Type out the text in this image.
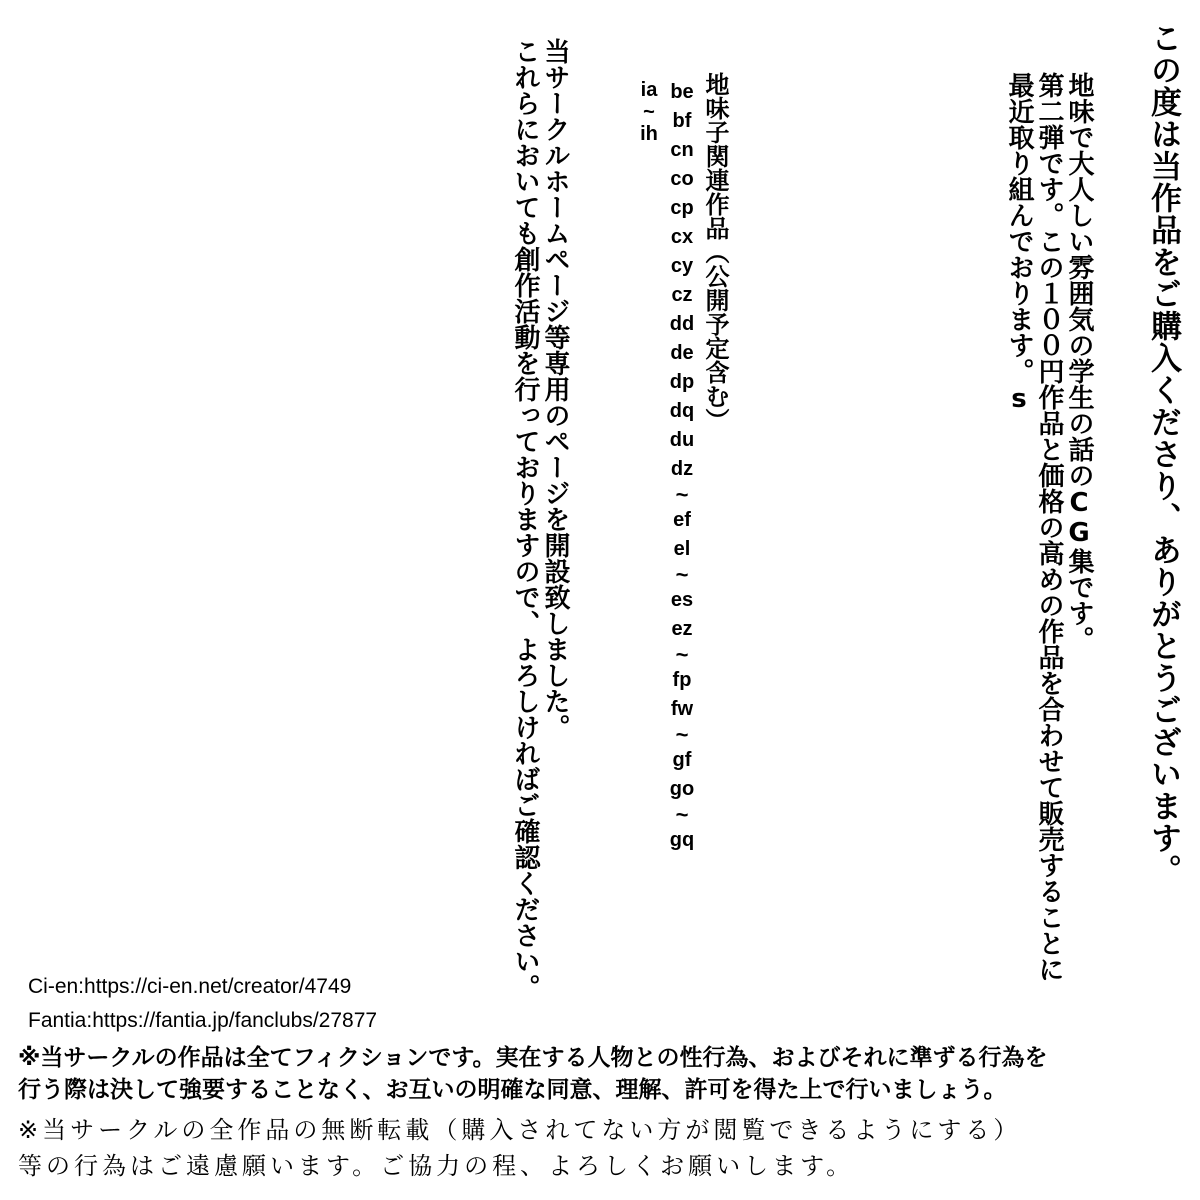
この度は当作品をご購入くださり、ありがとうございます。
地味で大人しい雰囲気の学生の話のCG集です。
第二弾です。この１００円作品と価格の高めの作品を合わせて販売することに
最近取り組んでおります。s
地味子関連作品（公開予定含む）
be
bf
cn
co
cp
cx
cy
cz
dd
de
dp
dq
du
dz
~
ef
el
~
es
ez
~
fp
fw
~
gf
go
~
gq
ia
~
ih
当サークルホームページ等専用のページを開設致しました。
これらにおいても創作活動を行っておりますので、よろしければご確認ください。
Ci-en:https://ci-en.net/creator/4749
Fantia:https://fantia.jp/fanclubs/27877
※当サークルの作品は全てフィクションです。実在する人物との性行為、およびそれに準ずる行為を
行う際は決して強要することなく、お互いの明確な同意、理解、許可を得た上で行いましょう。
※当サークルの全作品の無断転載（購入されてない方が閲覧できるようにする）
等の行為はご遠慮願います。ご協力の程、よろしくお願いします。
